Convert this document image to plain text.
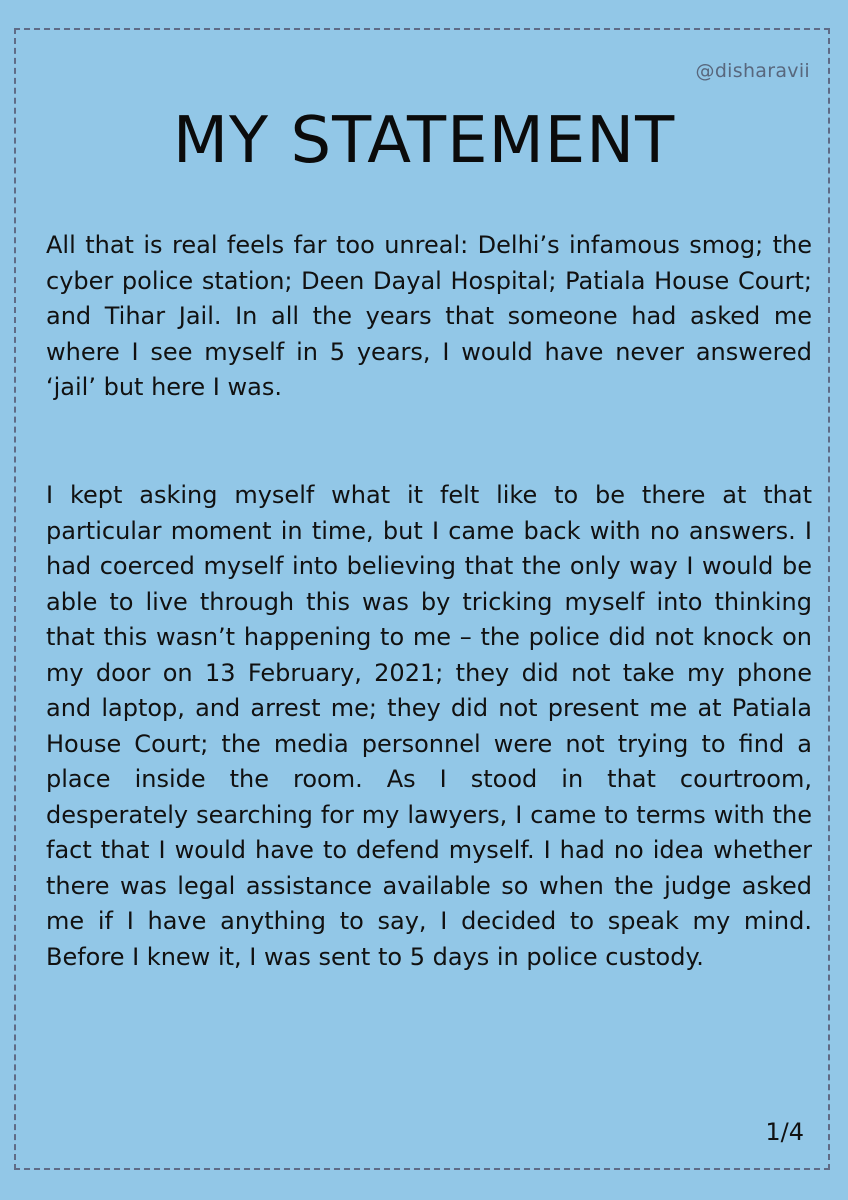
@disharavii
MY STATEMENT

All that is real feels far too unreal: Delhi’s infamous smog; the cyber police station; Deen Dayal Hospital; Patiala House Court; and Tihar Jail. In all the years that someone had asked me where I see myself in 5 years, I would have never answered ‘jail’ but here I was.

I kept asking myself what it felt like to be there at that particular moment in time, but I came back with no answers. I had coerced myself into believing that the only way I would be able to live through this was by tricking myself into thinking that this wasn’t happening to me – the police did not knock on my door on 13 February, 2021; they did not take my phone and laptop, and arrest me; they did not present me at Patiala House Court; the media personnel were not trying to find a place inside the room. As I stood in that courtroom, desperately searching for my lawyers, I came to terms with the fact that I would have to defend myself. I had no idea whether there was legal assistance available so when the judge asked me if I have anything to say, I decided to speak my mind. Before I knew it, I was sent to 5 days in police custody.

1/4
